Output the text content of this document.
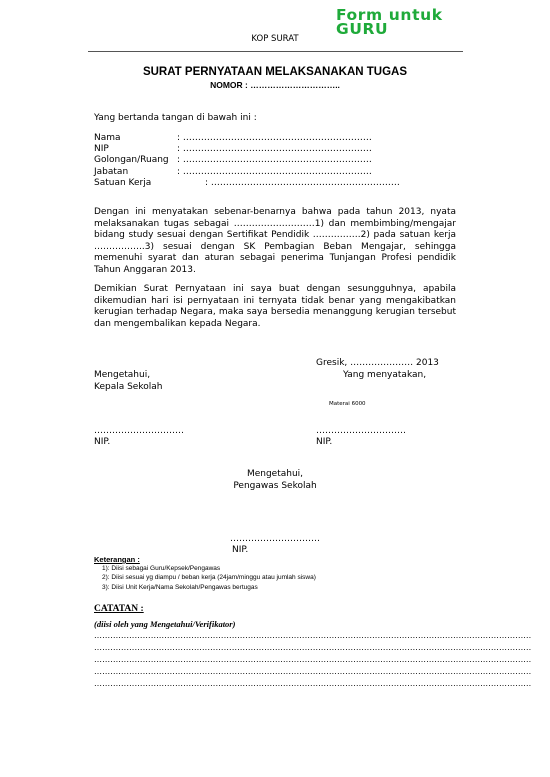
Form untuk
GURU
KOP SURAT
SURAT PERNYATAAN MELAKSANAKAN TUGAS
NOMOR : …………………………..
Yang bertanda tangan di bawah ini :
Nama	: ………………………………………………………
NIP	: ………………………………………………………
Golongan/Ruang : ………………………………………………………
Jabatan	: ………………………………………………………
Satuan Kerja	: ………………………………………………………
Dengan ini menyatakan sebenar-benarnya bahwa pada tahun 2013, nyata melaksanakan tugas sebagai ………………………1) dan membimbing/mengajar bidang study sesuai dengan Sertifikat Pendidik …………….2) pada satuan kerja ……………..3) sesuai dengan SK Pembagian Beban Mengajar, sehingga memenuhi syarat dan aturan sebagai penerima Tunjangan Profesi pendidik Tahun Anggaran 2013.
Demikian Surat Pernyataan ini saya buat dengan sesungguhnya, apabila dikemudian hari isi pernyataan ini ternyata tidak benar yang mengakibatkan kerugian terhadap Negara, maka saya bersedia menanggung kerugian tersebut dan mengembalikan kepada Negara.
Gresik, ………………… 2013
Mengetahui,
Kepala Sekolah
Yang menyatakan,
Materai 6000
…………………………
NIP.
…………………………
NIP.
Mengetahui,
Pengawas Sekolah
…………………………
NIP.
Keterangan :
1): Diisi sebagai Guru/Kepsek/Pengawas
2): Diisi sesuai yg diampu / beban kerja (24jam/minggu atau jumlah siswa)
3): Diisi Unit Kerja/Nama Sekolah/Pengawas bertugas
CATATAN :
(diisi oleh yang Mengetahui/Verifikator)
………………………………………………………………………………………………………………………………………………
………………………………………………………………………………………………………………………………………………
………………………………………………………………………………………………………………………………………………
………………………………………………………………………………………………………………………………………………
………………………………………………………………………………………………………………………………………………
